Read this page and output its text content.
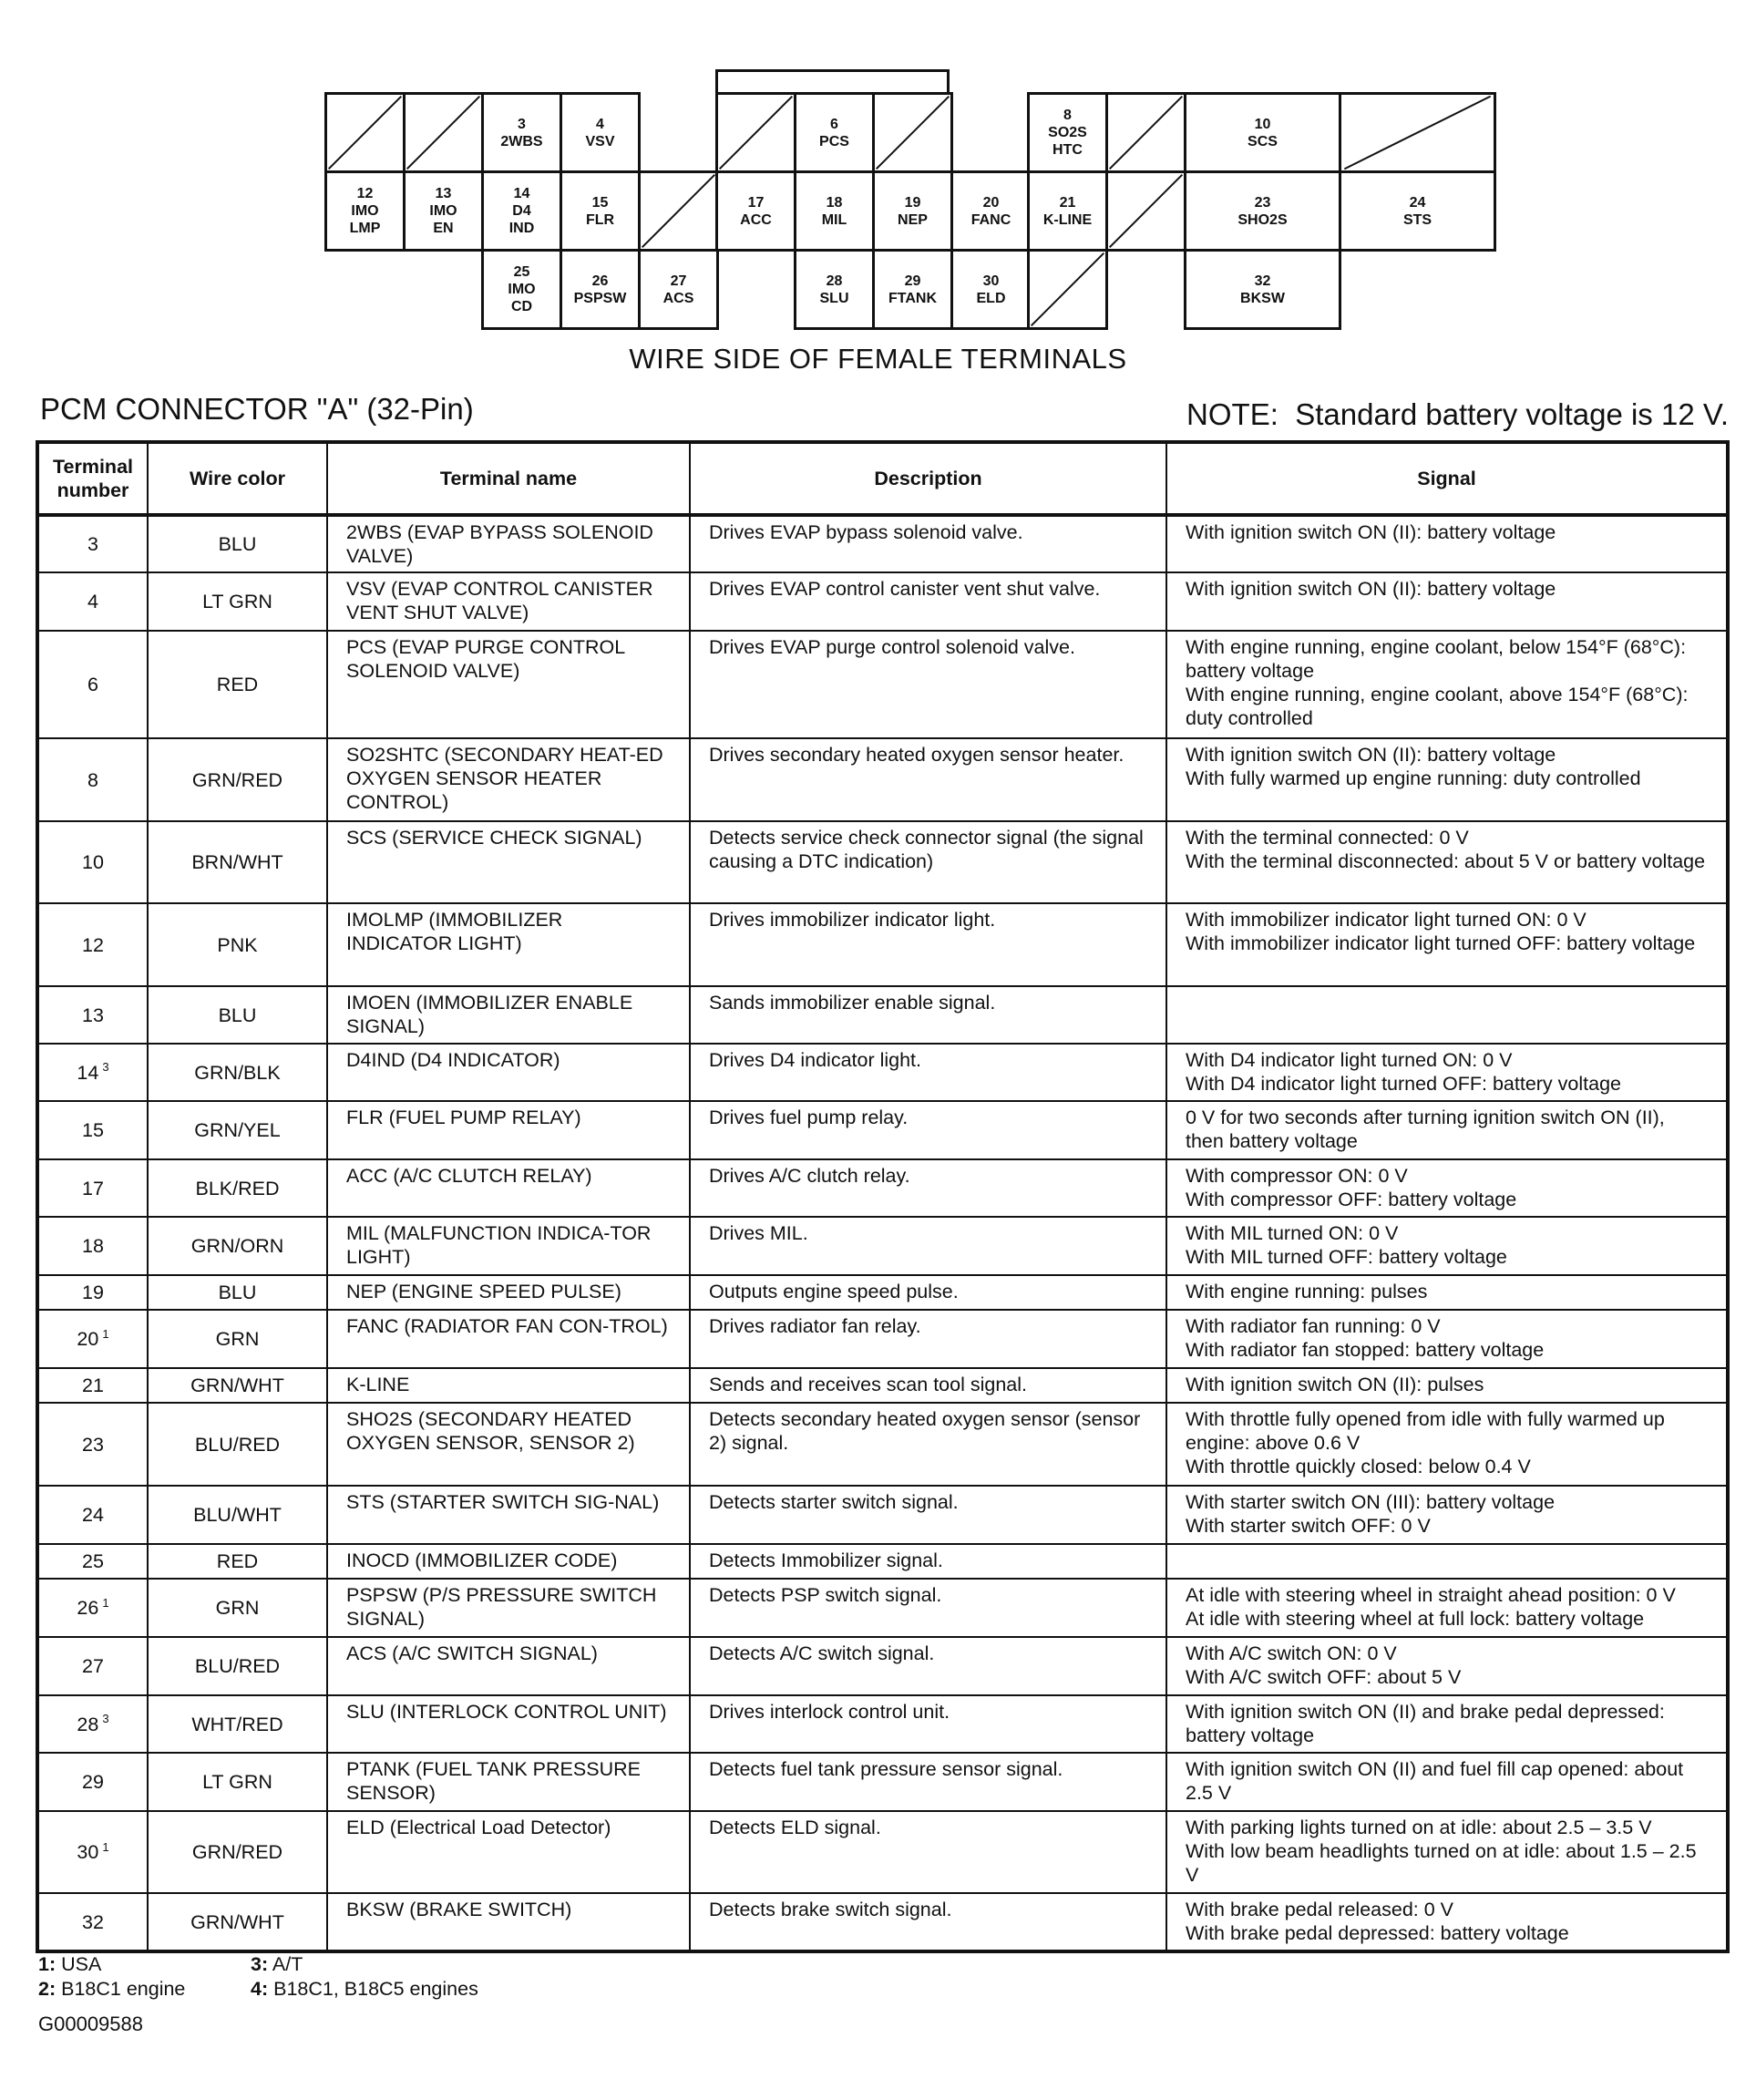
3
2WBS
4
VSV
6
PCS
8
SO2S
HTC
10
SCS
12
IMO
LMP
13
IMO
EN
14
D4
IND
15
FLR
17
ACC
18
MIL
19
NEP
20
FANC
21
K-LINE
23
SHO2S
24
STS
25
IMO
CD
26
PSPSW
27
ACS
28
SLU
29
FTANK
30
ELD
32
BKSW
WIRE SIDE OF FEMALE TERMINALS
PCM CONNECTOR "A" (32-Pin)	NOTE: Standard battery voltage is 12 V.
Terminal number	Wire color	Terminal name	Description	Signal
3	BLU	2WBS (EVAP BYPASS SOLENOID VALVE)	Drives EVAP bypass solenoid valve.	With ignition switch ON (II): battery voltage

4	LT GRN	VSV (EVAP CONTROL CANISTER VENT SHUT VALVE)	Drives EVAP control canister vent shut valve.	With ignition switch ON (II): battery voltage

6	RED	PCS (EVAP PURGE CONTROL SOLENOID VALVE)	Drives EVAP purge control solenoid valve.	With engine running, engine coolant, below 154°F (68°C): battery voltage
With engine running, engine coolant, above 154°F (68°C): duty controlled

8	GRN/RED	SO2SHTC (SECONDARY HEAT-ED OXYGEN SENSOR HEATER CONTROL)	Drives secondary heated oxygen sensor heater.	With ignition switch ON (II): battery voltage
With fully warmed up engine running: duty controlled

10	BRN/WHT	SCS (SERVICE CHECK SIGNAL)	Detects service check connector signal (the signal causing a DTC indication)	With the terminal connected: 0 V
With the terminal disconnected: about 5 V or battery voltage

12	PNK	IMOLMP (IMMOBILIZER INDICATOR LIGHT)	Drives immobilizer indicator light.	With immobilizer indicator light turned ON: 0 V
With immobilizer indicator light turned OFF: battery voltage

13	BLU	IMOEN (IMMOBILIZER ENABLE SIGNAL)	Sands immobilizer enable signal.	
14 $^3$	GRN/BLK	D4IND (D4 INDICATOR)	Drives D4 indicator light.	With D4 indicator light turned ON: 0 V
With D4 indicator light turned OFF: battery voltage

15	GRN/YEL	FLR (FUEL PUMP RELAY)	Drives fuel pump relay.	0 V for two seconds after turning ignition switch ON (II), then battery voltage

17	BLK/RED	ACC (A/C CLUTCH RELAY)	Drives A/C clutch relay.	With compressor ON: 0 V
With compressor OFF: battery voltage

18	GRN/ORN	MIL (MALFUNCTION INDICA-TOR LIGHT)	Drives MIL.	With MIL turned ON: 0 V
With MIL turned OFF: battery voltage

19	BLU	NEP (ENGINE SPEED PULSE)	Outputs engine speed pulse.	With engine running: pulses

20 $^1$	GRN	FANC (RADIATOR FAN CON-TROL)	Drives radiator fan relay.	With radiator fan running: 0 V
With radiator fan stopped: battery voltage

21	GRN/WHT	K-LINE	Sends and receives scan tool signal.	With ignition switch ON (II): pulses

23	BLU/RED	SHO2S (SECONDARY HEATED OXYGEN SENSOR, SENSOR 2)	Detects secondary heated oxygen sensor (sensor 2) signal.	With throttle fully opened from idle with fully warmed up engine: above 0.6 V
With throttle quickly closed: below 0.4 V

24	BLU/WHT	STS (STARTER SWITCH SIG-NAL)	Detects starter switch signal.	With starter switch ON (III): battery voltage
With starter switch OFF: 0 V

25	RED	INOCD (IMMOBILIZER CODE)	Detects Immobilizer signal.	
26 $^1$	GRN	PSPSW (P/S PRESSURE SWITCH SIGNAL)	Detects PSP switch signal.	At idle with steering wheel in straight ahead position: 0 V
At idle with steering wheel at full lock: battery voltage

27	BLU/RED	ACS (A/C SWITCH SIGNAL)	Detects A/C switch signal.	With A/C switch ON: 0 V
With A/C switch OFF: about 5 V

28 $^3$	WHT/RED	SLU (INTERLOCK CONTROL UNIT)	Drives interlock control unit.	With ignition switch ON (II) and brake pedal depressed: battery voltage

29	LT GRN	PTANK (FUEL TANK PRESSURE SENSOR)	Detects fuel tank pressure sensor signal.	With ignition switch ON (II) and fuel fill cap opened: about 2.5 V

30 $^1$	GRN/RED	ELD (Electrical Load Detector)	Detects ELD signal.	With parking lights turned on at idle: about 2.5 – 3.5 V
With low beam headlights turned on at idle: about 1.5 – 2.5 V

32	GRN/WHT	BKSW (BRAKE SWITCH)	Detects brake switch signal.	With brake pedal released: 0 V
With brake pedal depressed: battery voltage
1: USA	3: A/T
2: B18C1 engine	4: B18C1, B18C5 engines
G00009588
